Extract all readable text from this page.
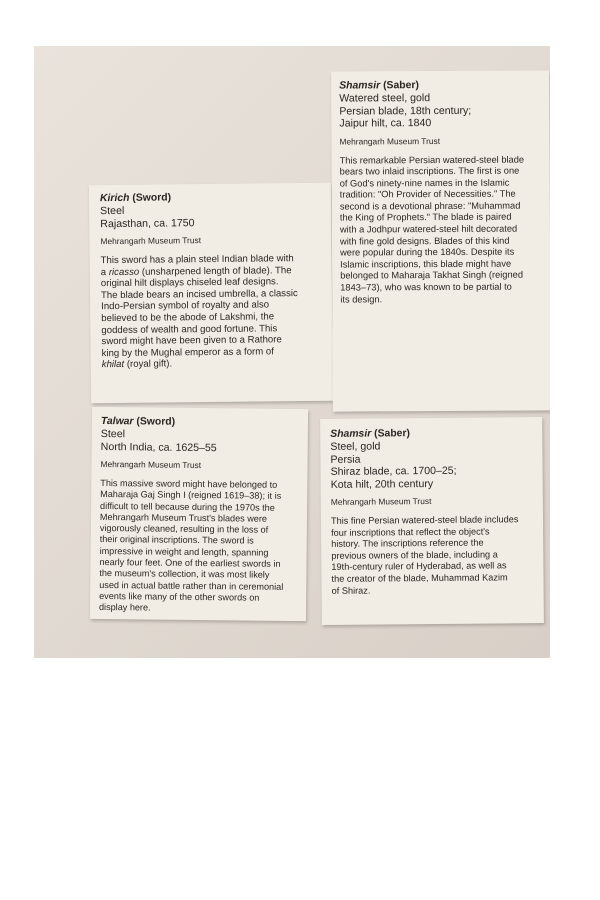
Kirich (Sword)

Steel

Rajasthan, ca. 1750

Mehrangarh Museum Trust

This sword has a plain steel Indian blade with
a ricasso (unsharpened length of blade). The
original hilt displays chiseled leaf designs.
The blade bears an incised umbrella, a classic
Indo-Persian symbol of royalty and also
believed to be the abode of Lakshmi, the
goddess of wealth and good fortune. This
sword might have been given to a Rathore
king by the Mughal emperor as a form of
khilat (royal gift).

Shamsir (Saber)

Watered steel, gold

Persian blade, 18th century;

Jaipur hilt, ca. 1840

Mehrangarh Museum Trust

This remarkable Persian watered-steel blade
bears two inlaid inscriptions. The first is one
of God's ninety-nine names in the Islamic
tradition: "Oh Provider of Necessities." The
second is a devotional phrase: "Muhammad
the King of Prophets." The blade is paired
with a Jodhpur watered-steel hilt decorated
with fine gold designs. Blades of this kind
were popular during the 1840s. Despite its
Islamic inscriptions, this blade might have
belonged to Maharaja Takhat Singh (reigned
1843–73), who was known to be partial to
its design.

Talwar (Sword)

Steel

North India, ca. 1625–55

Mehrangarh Museum Trust

This massive sword might have belonged to
Maharaja Gaj Singh I (reigned 1619–38); it is
difficult to tell because during the 1970s the
Mehrangarh Museum Trust's blades were
vigorously cleaned, resulting in the loss of
their original inscriptions. The sword is
impressive in weight and length, spanning
nearly four feet. One of the earliest swords in
the museum's collection, it was most likely
used in actual battle rather than in ceremonial
events like many of the other swords on
display here.

Shamsir (Saber)

Steel, gold

Persia

Shiraz blade, ca. 1700–25;

Kota hilt, 20th century

Mehrangarh Museum Trust

This fine Persian watered-steel blade includes
four inscriptions that reflect the object's
history. The inscriptions reference the
previous owners of the blade, including a
19th-century ruler of Hyderabad, as well as
the creator of the blade, Muhammad Kazim
of Shiraz.
